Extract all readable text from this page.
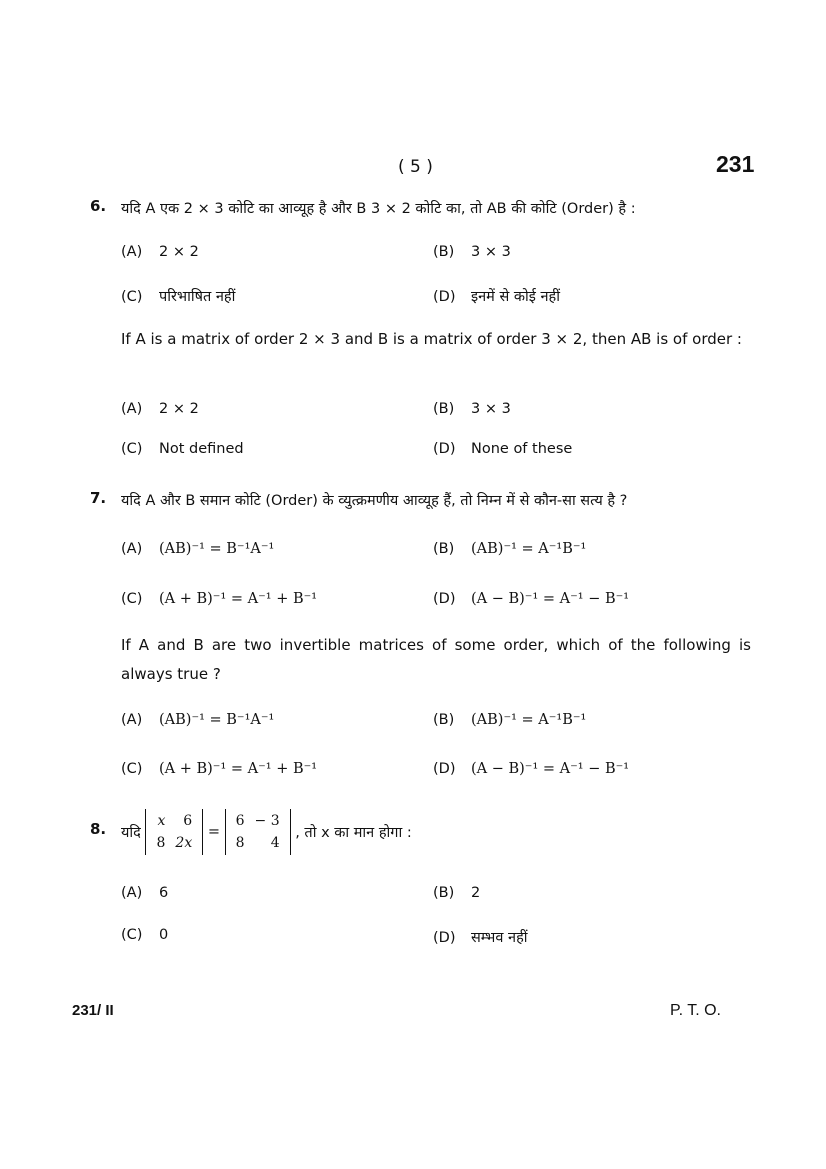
( 5 )	231
6. यदि A एक 2 × 3 कोटि का आव्यूह है और B 3 × 2 कोटि का, तो AB की कोटि (Order) है :
(A) 2 × 2	(B) 3 × 3
(C) परिभाषित नहीं	(D) इनमें से कोई नहीं
If A is a matrix of order 2 × 3 and B is a matrix of order 3 × 2, then AB is of order :
(A) 2 × 2	(B) 3 × 3
(C) Not defined	(D) None of these
7. यदि A और B समान कोटि (Order) के व्युत्क्रमणीय आव्यूह हैं, तो निम्न में से कौन-सा सत्य है ?
(A) (AB)⁻¹ = B⁻¹A⁻¹	(B) (AB)⁻¹ = A⁻¹B⁻¹
(C) (A + B)⁻¹ = A⁻¹ + B⁻¹	(D) (A − B)⁻¹ = A⁻¹ − B⁻¹
If A and B are two invertible matrices of some order, which of the following is always true ?
(A) (AB)⁻¹ = B⁻¹A⁻¹	(B) (AB)⁻¹ = A⁻¹B⁻¹
(C) (A + B)⁻¹ = A⁻¹ + B⁻¹	(D) (A − B)⁻¹ = A⁻¹ − B⁻¹
8. यदि
x	6
8	2x
=
6	− 3
8	4
, तो x का मान होगा :
(A) 6	(B) 2
(C) 0	(D) सम्भव नहीं
231/ II	P. T. O.
